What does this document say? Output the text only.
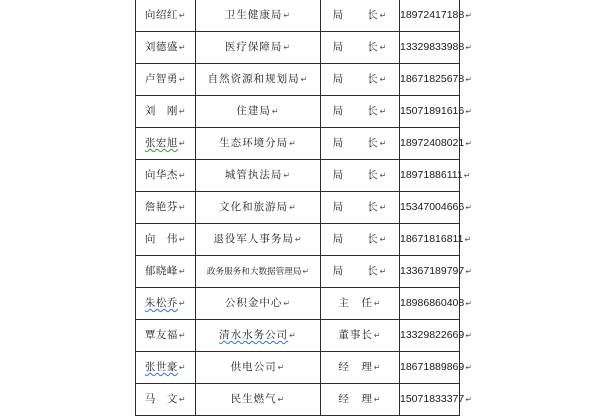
向绍红↵	卫生健康局↵	局　　长↵	18972417188↵
刘德盛↵	医疗保障局↵	局　　长↵	13329833988↵
卢智勇↵	自然资源和规划局↵	局　　长↵	18671825678↵
刘　刚↵	住建局↵	局　　长↵	15071891616↵
张宏旭↵	生态环境分局↵	局　　长↵	18972408021↵
向华杰↵	城管执法局↵	局　　长↵	18971886111↵
詹艳芬↵	文化和旅游局↵	局　　长↵	15347004666↵
向　伟↵	退役军人事务局↵	局　　长↵	18671816811↵
郁晓峰↵	政务服务和大数据管理局↵	局　　长↵	13367189797↵
朱松乔↵	公积金中心↵	主　任↵	18986860408↵
覃友福↵	清水水务公司↵	董事长↵	13329822669↵
张世豪↵	供电公司↵	经　理↵	18671889869↵
马　文↵	民生燃气↵	经　理↵	15071833377↵
